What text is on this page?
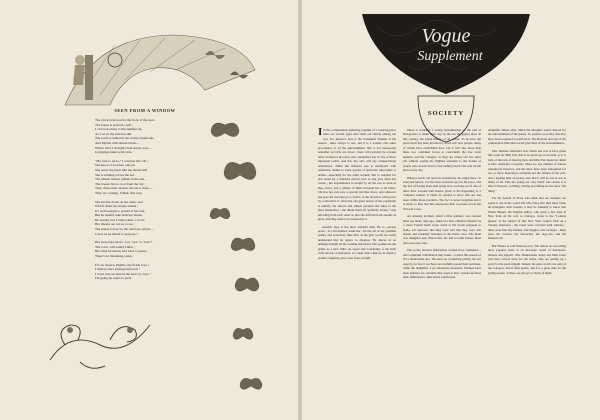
SEEN FROM A WINDOW
The clock ticks loud in the front of the stair,
The house is perfectly still ;
I can look along to the summer air,
As I sit on my window-sill.
The lawn is bathed in the warm, bright sun,
And Phyllis with mouse black—
Where have I thought I had surely won—
Is playing tennis with Jack.
"My turn to serve," I can hear her call ;
She knows I love her, and yet
She treats my heart like the tennis ball
She is sending across the net.
The distant maises glisten in the sun,
The breeze blows cool from the bay ;
They chase their strokes, the set is done—
They are coming, I think, this way.
She sits her down on the rustic seat
Which under the maple stands ;
It's well enough to sprawl at her feet,
But he needn't take both her hands.
He speaks, but I cannot hear a word ;
Her cheeks are red as a rose ;
The maple leaves by the wind are stirred—
Can it be he meant to propose ?
Her sweet lips move ; is it "yes" or "nay"?
The lover, will sound I miss ;
But what he means isn't hard to guess :
There's no mistaking a kiss.
I've no chance, Phyllis, my fickle love !
I believe she's kissing him back !
I won't stay up here in the heat, by Jove !
I'm going up-stairs to pack.
Vogue
Supplement
SOCIETY
I N the complements gathering together of a wearing-place there are certain types that stand out clearly among the rest. For instance, here is the Prominent Woman of the season ; there always is one, and it is a woman who takes precedence of all the entertainment. She is not necessarily beautiful, not rich, not clever ; there will probably be a dozen other women in the place who outdistance her in any of these important points. Ask her, her who will pay comparatively entertained, whilst she flattered one is unaffected with attentions, thanks to some quality of attraction impossible to define—especially for the other women. She is watched for and noted by a hundred critical eyes as she goes from her rooms ; her acquaintance is sought by all the rest as soon as they arrive, and a retinue of them surround her at all hours. She has her own pew, a special just like chaos, and wherever she goes the real men go to follow, or the favorite's train grows by a snowball. It often that one great reason of her popularity is entirely the sincere and simple pleasure she takes in the mere themselves ; she thinks them all "perfectly lovely," only affording from each other so that she difficult from another in glory, and they seem to be pleased by it.

Another type is the most attached man. He is—excuse prose ; is a Providence sends her ; he has all of the youthful spirits, and everybody likes him, as the girls would not really understand that he agrees to disagree. He dances in an unhinged height all the evening and leaves. Her ponderous and gentle as a new child. As sweet and wondering, is the little cliffs has her conversation of a man with a history, in which a youth's conjuring gives seen from on high.

There is evidently a strong determination on the part of Newporters to make their city by-the-sea the gayest place in this country, the prime maker, of all course. To be sure, the place itself has been invaded by those rich new people, many of whom have established here, but it will take more than these two combined forces to overwhelm the true swell element, and the cottagers, as they are called, run few short life without paying the slightest attention to the hordes of people who swarm down to the bathing beach and over all the place every day.

Bailey's beach can never be invaded by the vulgar herd ; to everyone knows, it is the most exclusive spot in the place, and the fact of having been seen going in is evolving out of one of these little wooden bath houses given to the happening of a complete woman. It needs be needed to show that one has been within those precincts. The fact is never forgotten and it is better to hear that this expression than to passes across the Victoria Cross.

An amusing incident, albeit a little pathetic, was enacted there not many days ago, when two little children attended by a smart French maid wrote down to the beach prepared to bathe. All operators that they were told that they were still decent and evidently belonged to the better class. The maid was indignant and offered that she had no bath houses there that were easy ones.

The young married fashionable women have combined—and a splendid combination they make—to have this season of '93 a memorable one. The men are wondering plainly but not eagerly, for fear it not have successfully passed their promises, while the delightful, a jot absolutely necessary. Planned have been planned, for certainly they seem to have worked up these their affiliations to their entire satisfaction.

delightful dinner, after which the Meagher sisters danced for the entertainment of the guests. So popular were they that they have been requested to perform it. The Bouvier and one of the comparative little Miss Grant give most of the entertainments.

Mrs. Herman Oelrichs's ball, which she was to have given this week for Miss Fair, had to be given up on account, as it is said, of the lack of dancing men, and Miss Fair made her début at Mrs. Oelrichs's reception. There are any number of dances announced, however, and the dates have been announced for two or three. Dancing is evidently not the fashion of the year, and a leading man of society says that it will be sad to see so many of all. This the young are very much, but certain it is that at Newport, yachting, driving and dining are the most "the thing."

For the benefit of those who think that our manners are equal to any in the world and who fancy that they must strike all foreigners with wonder, it may be amusing to know that Walter Besant, the English author, who spent a few days in New York on his way to Chicago, wrote to the "London Queen" at the subject of this New York Central Park on a Sunday afternoon ; the roads were crowded with vehicles ; there were fine big landaus, and buggies, and carriages ; there were the victoria, the barouches, the dog-carts and the hansom-cab.

Bar Harbor is well filled up now. The dances are becoming more popular, there is an incessant round of luncheons, dinners and suppers. Mrs. Rhinelander Jones and Miss Jones will have arrived there for the dance, who are getting up a party for the just fortnight. Indeed, the place is full, not only of the cottagers, but of their guests, and it is a great time for the young people, as there are always so many of them.
